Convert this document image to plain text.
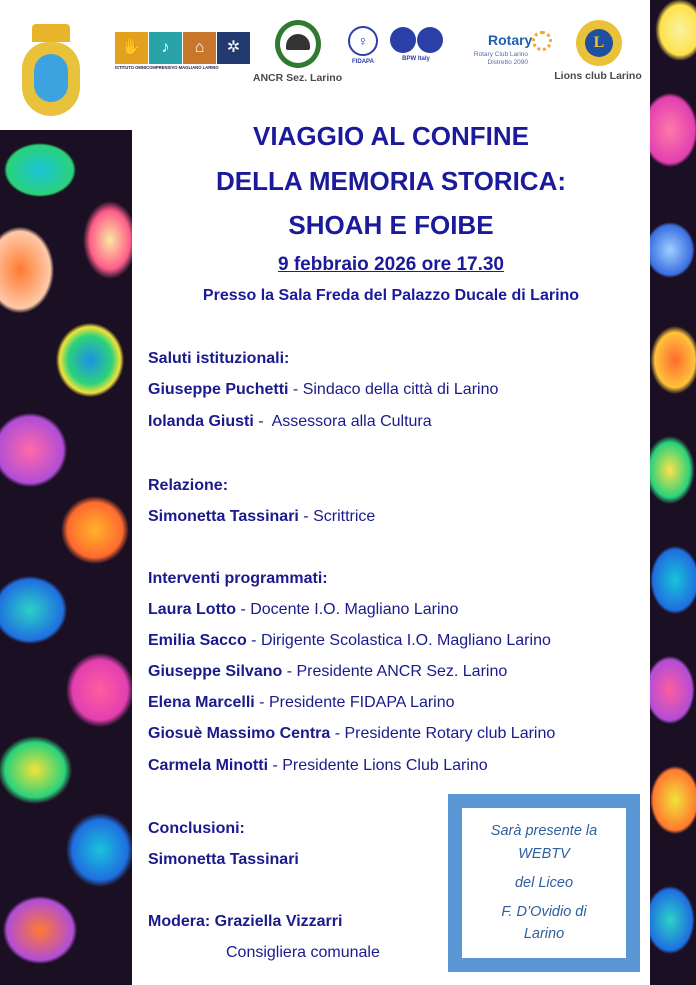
✋	♪	⌂	✲
ISTITUTO OMNICOMPRENSIVO MAGLIANO LARINO
ANCR Sez. Larino
♀
FIDAPA	BPW Italy
Rotary
Rotary Club Larino
Distretto 2090
L
Lions club Larino
VIAGGIO AL CONFINE
DELLA MEMORIA STORICA:
SHOAH E FOIBE
9 febbraio 2026 ore 17.30
Presso la Sala Freda del Palazzo Ducale di Larino
Saluti istituzionali:
Giuseppe Puchetti - Sindaco della città di Larino
Iolanda Giusti -  Assessora alla Cultura
Relazione:
Simonetta Tassinari - Scrittrice
Interventi programmati:
Laura Lotto - Docente I.O. Magliano Larino
Emilia Sacco - Dirigente Scolastica I.O. Magliano Larino
Giuseppe Silvano - Presidente ANCR Sez. Larino
Elena Marcelli - Presidente FIDAPA Larino
Giosuè Massimo Centra - Presidente Rotary club Larino
Carmela Minotti - Presidente Lions Club Larino
Conclusioni:
Simonetta Tassinari
Modera: Graziella Vizzarri
Consigliera comunale
Sarà presente la
WEBTV
del Liceo
F. D’Ovidio di
Larino
